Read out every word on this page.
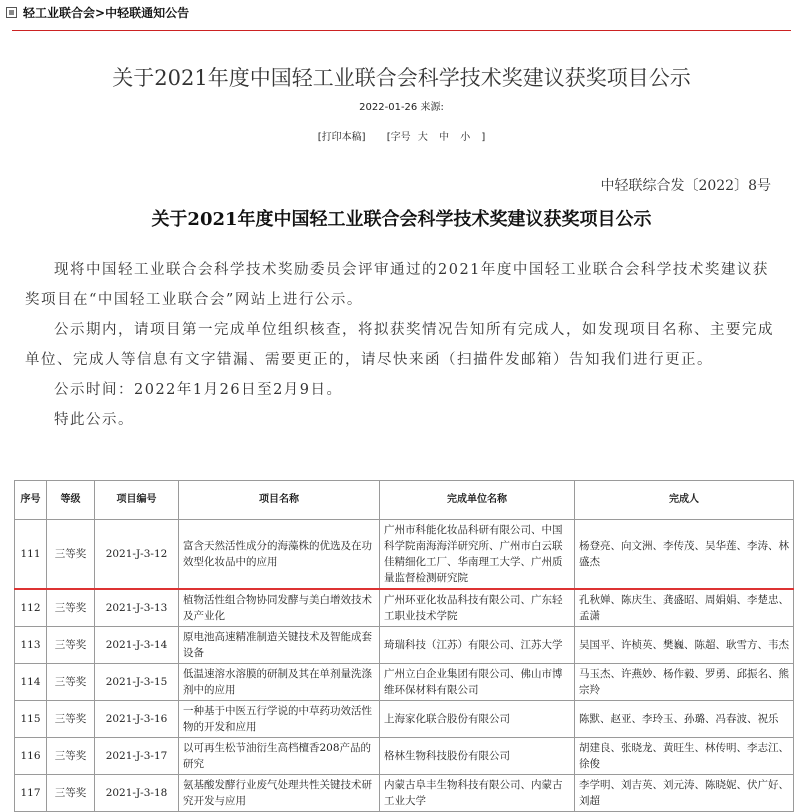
轻工业联合会>中轻联通知公告
关于2021年度中国轻工业联合会科学技术奖建议获奖项目公示
2022-01-26 来源:
[打印本稿] [字号 大 中 小 ]
中轻联综合发〔2022〕8号
关于2021年度中国轻工业联合会科学技术奖建议获奖项目公示

现将中国轻工业联合会科学技术奖励委员会评审通过的2021年度中国轻工业联合会科学技术奖建议获奖项目在“中国轻工业联合会”网站上进行公示。

公示期内，请项目第一完成单位组织核查，将拟获奖情况告知所有完成人，如发现项目名称、主要完成单位、完成人等信息有文字错漏、需要更正的，请尽快来函（扫描件发邮箱）告知我们进行更正。

公示时间：2022年1月26日至2月9日。

特此公示。

序号	等级	项目编号	项目名称	完成单位名称	完成人
111	三等奖	2021-J-3-12	富含天然活性成分的海藻株的优选及在功效型化妆品中的应用	广州市科能化妆品科研有限公司、中国科学院南海海洋研究所、广州市白云联佳精细化工厂、华南理工大学、广州质量监督检测研究院	杨登亮、向文洲、李传茂、吴华莲、李涛、林盛杰
112	三等奖	2021-J-3-13	植物活性组合物协同发酵与美白增效技术及产业化	广州环亚化妆品科技有限公司、广东轻工职业技术学院	孔秋婵、陈庆生、龚盛昭、周娟娟、李楚忠、孟潇
113	三等奖	2021-J-3-14	原电池高速精准制造关键技术及智能成套设备	琦瑞科技（江苏）有限公司、江苏大学	吴国平、许桢英、樊巍、陈超、耿雪方、韦杰
114	三等奖	2021-J-3-15	低温速溶水溶膜的研制及其在单剂量洗涤剂中的应用	广州立白企业集团有限公司、佛山市博维环保材料有限公司	马玉杰、许燕妙、杨作毅、罗勇、邱振名、熊宗羚
115	三等奖	2021-J-3-16	一种基于中医五行学说的中草药功效活性物的开发和应用	上海家化联合股份有限公司	陈默、赵亚、李玲玉、孙璐、冯春波、祝乐
116	三等奖	2021-J-3-17	以可再生松节油衍生高档檀香208产品的研究	格林生物科技股份有限公司	胡建良、张晓龙、黄旺生、林传明、李志江、徐俊
117	三等奖	2021-J-3-18	氨基酸发酵行业废气处理共性关键技术研究开发与应用	内蒙古阜丰生物科技有限公司、内蒙古工业大学	李学明、刘吉英、刘元涛、陈晓妮、伏广好、刘超
